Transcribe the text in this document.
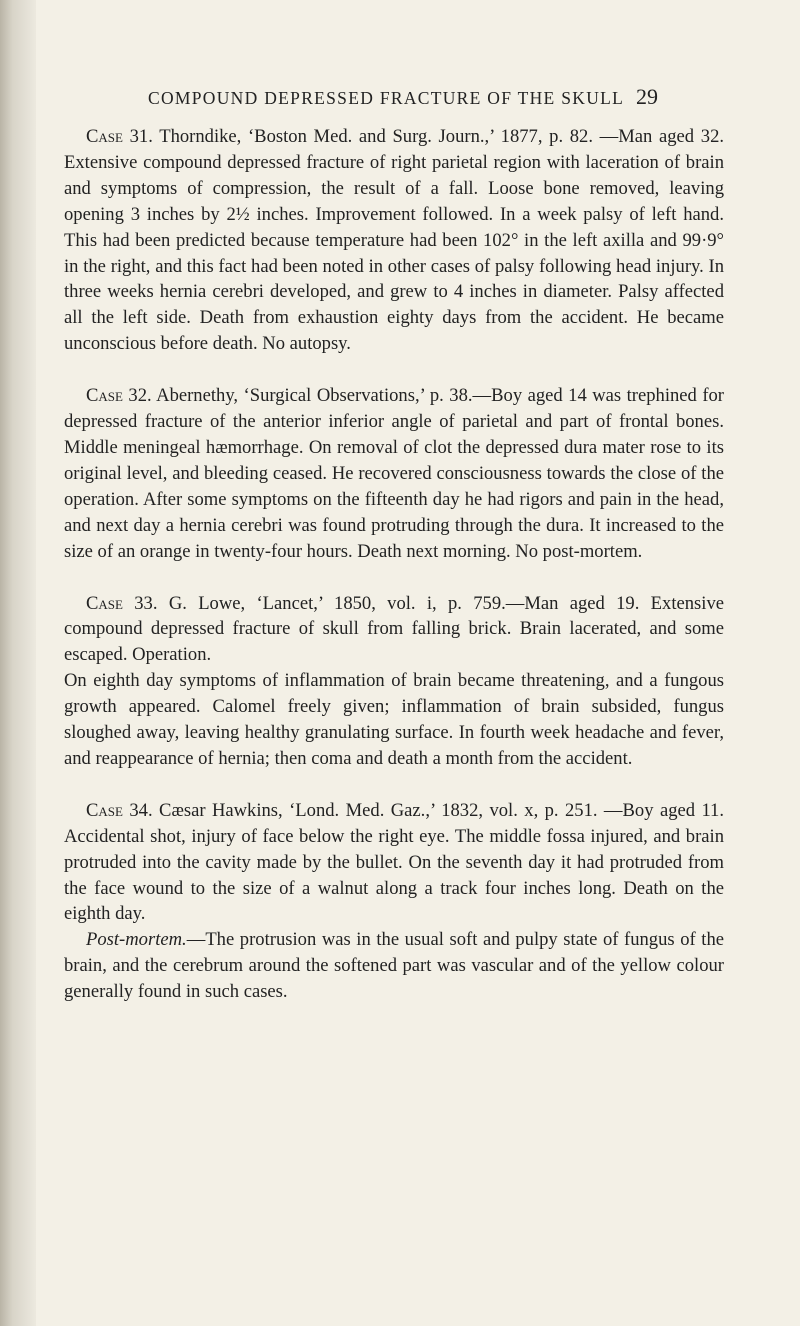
COMPOUND DEPRESSED FRACTURE OF THE SKULL 29

Case 31. Thorndike, ‘Boston Med. and Surg. Journ.,’ 1877, p. 82. —Man aged 32. Extensive compound depressed fracture of right parietal region with laceration of brain and symptoms of compression, the result of a fall. Loose bone removed, leaving opening 3 inches by 2½ inches. Improvement followed. In a week palsy of left hand. This had been predicted because temperature had been 102° in the left axilla and 99·9° in the right, and this fact had been noted in other cases of palsy following head injury. In three weeks hernia cerebri developed, and grew to 4 inches in diameter. Palsy affected all the left side. Death from exhaustion eighty days from the accident. He became unconscious before death. No autopsy.

Case 32. Abernethy, ‘Surgical Observations,’ p. 38.—Boy aged 14 was trephined for depressed fracture of the anterior inferior angle of parietal and part of frontal bones. Middle meningeal hæmorrhage. On removal of clot the depressed dura mater rose to its original level, and bleeding ceased. He recovered consciousness towards the close of the operation. After some symptoms on the fifteenth day he had rigors and pain in the head, and next day a hernia cerebri was found protruding through the dura. It increased to the size of an orange in twenty-four hours. Death next morning. No post-mortem.

Case 33. G. Lowe, ‘Lancet,’ 1850, vol. i, p. 759.—Man aged 19. Extensive compound depressed fracture of skull from falling brick. Brain lacerated, and some escaped. Operation.

On eighth day symptoms of inflammation of brain became threatening, and a fungous growth appeared. Calomel freely given; inflammation of brain subsided, fungus sloughed away, leaving healthy granulating surface. In fourth week headache and fever, and reappearance of hernia; then coma and death a month from the accident.

Case 34. Cæsar Hawkins, ‘Lond. Med. Gaz.,’ 1832, vol. x, p. 251. —Boy aged 11. Accidental shot, injury of face below the right eye. The middle fossa injured, and brain protruded into the cavity made by the bullet. On the seventh day it had protruded from the face wound to the size of a walnut along a track four inches long. Death on the eighth day.

Post-mortem.—The protrusion was in the usual soft and pulpy state of fungus of the brain, and the cerebrum around the softened part was vascular and of the yellow colour generally found in such cases.
